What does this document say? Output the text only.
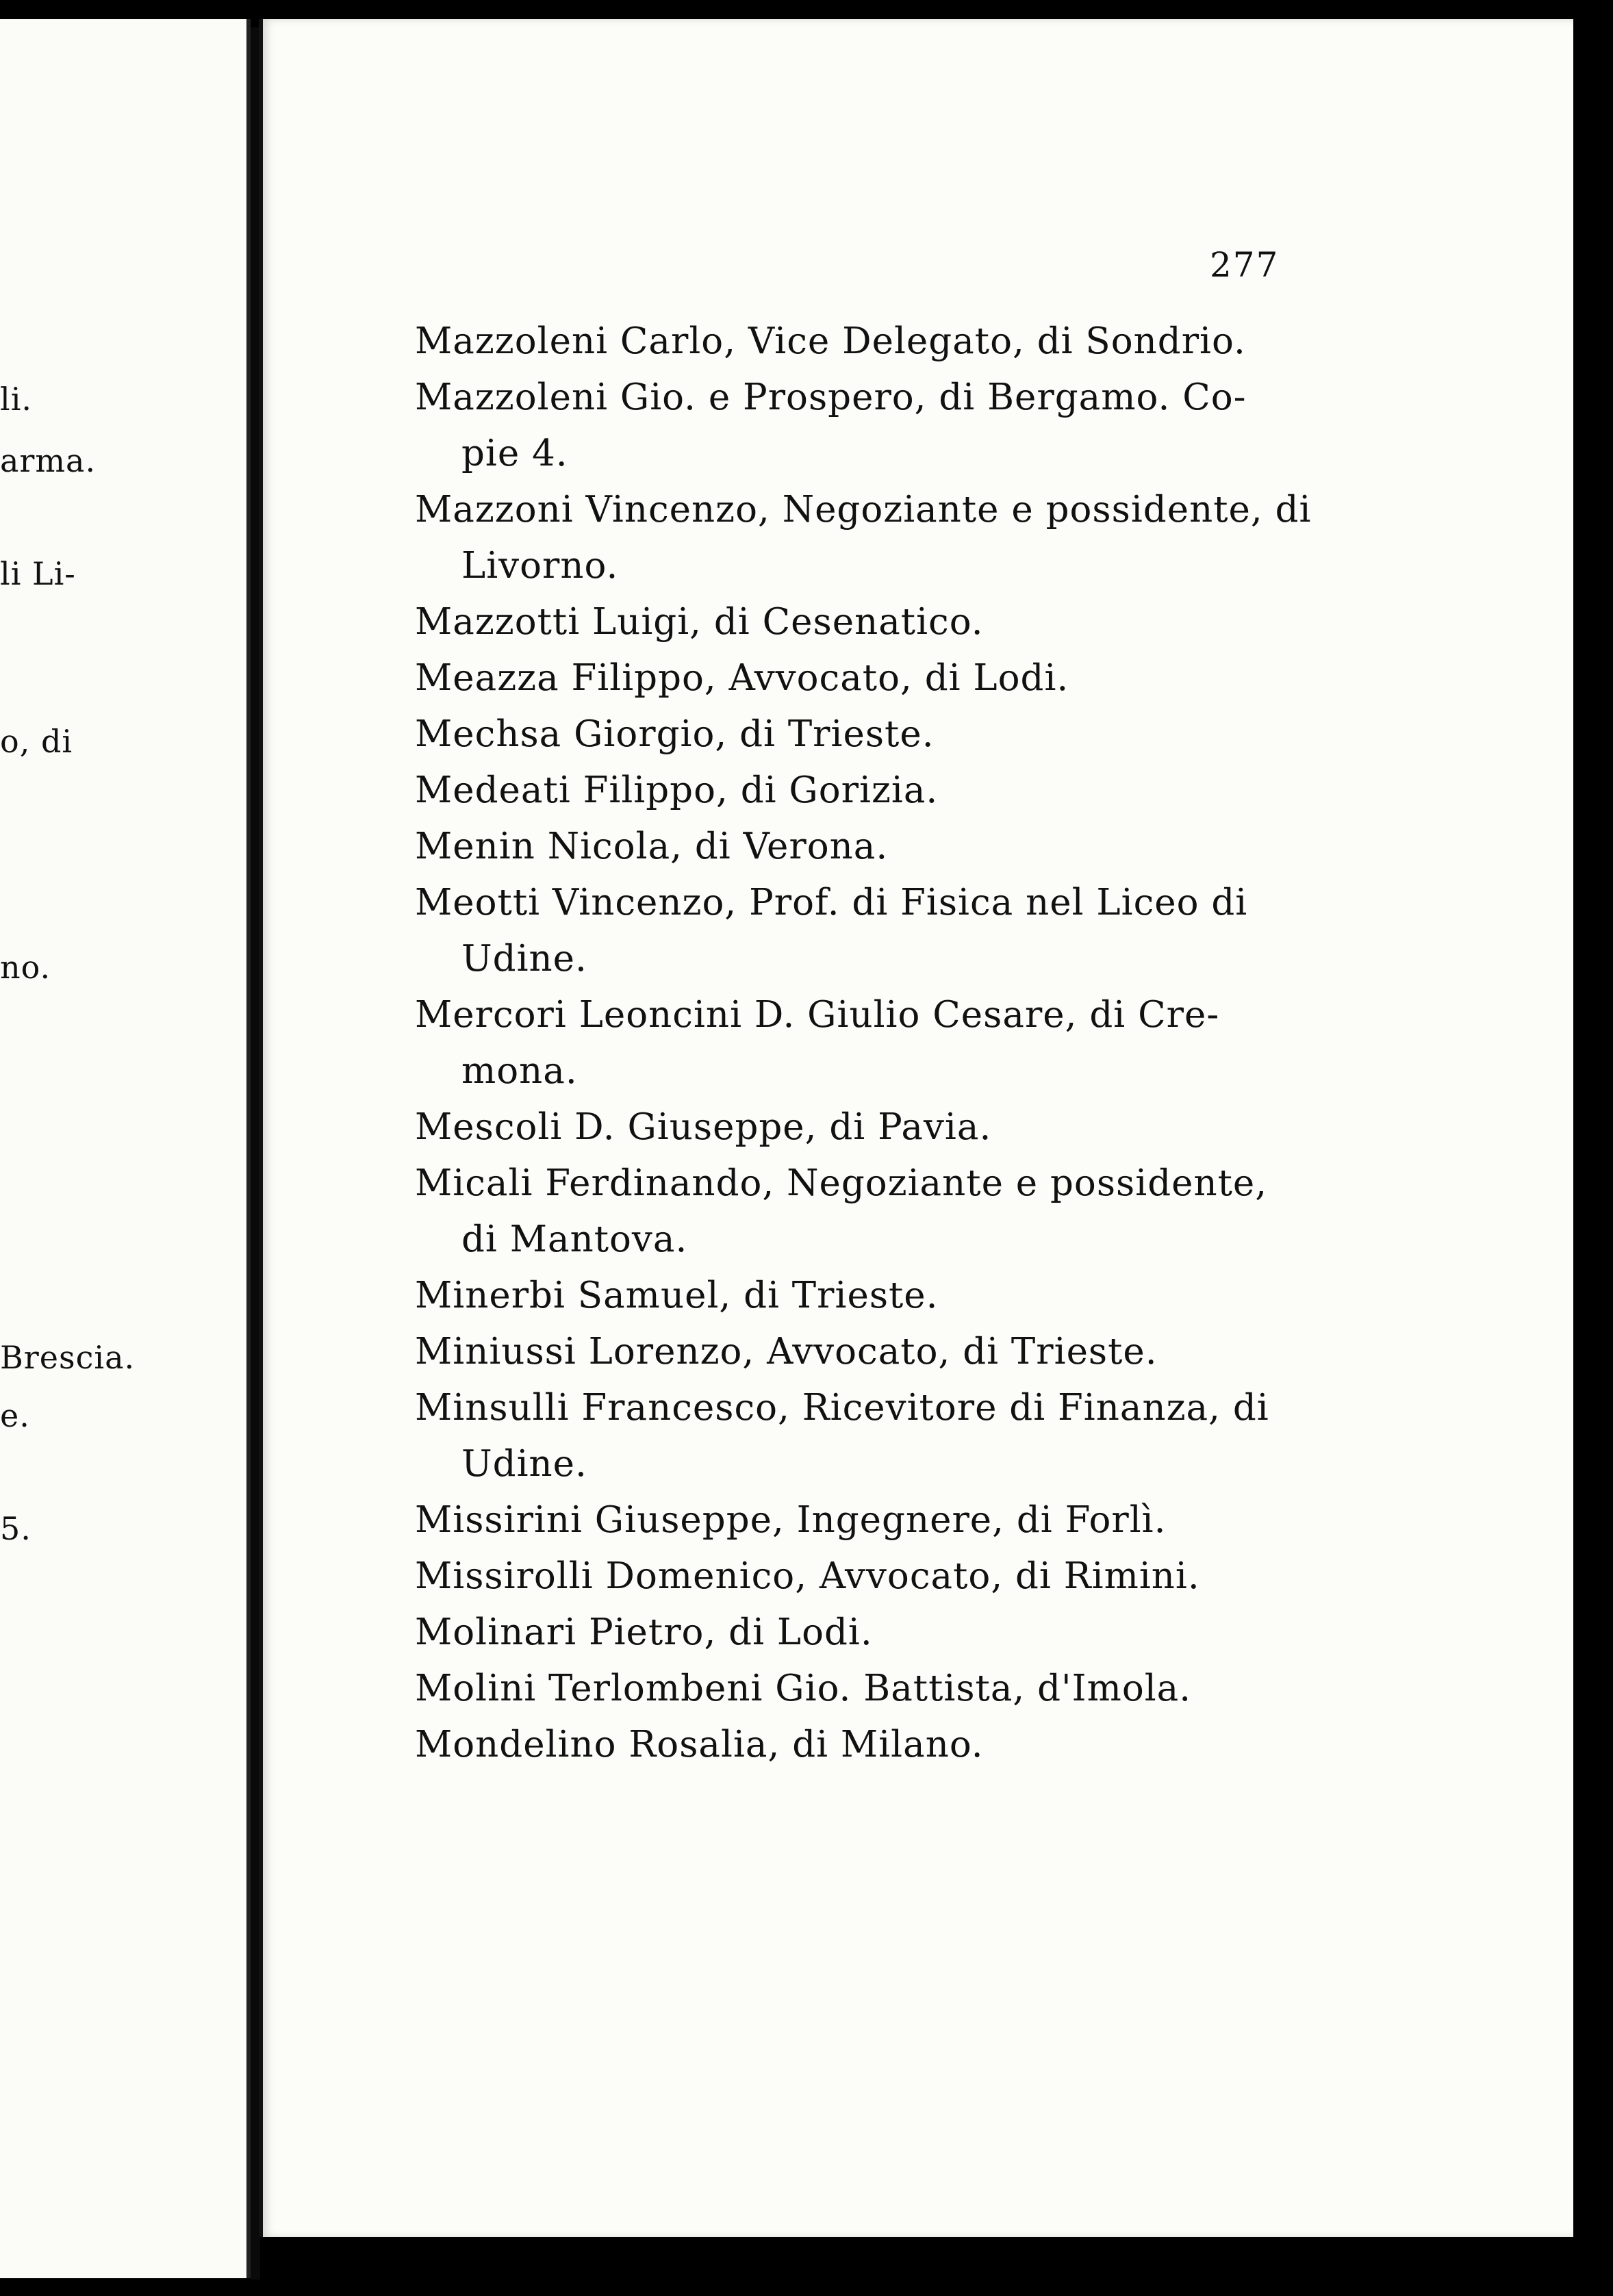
li.
arma.
li Li-
o, di
no.
Brescia.
e.
5.
277
Mazzoleni Carlo, Vice Delegato, di Sondrio.
Mazzoleni Gio. e Prospero, di Bergamo. Co-
pie 4.
Mazzoni Vincenzo, Negoziante e possidente, di
Livorno.
Mazzotti Luigi, di Cesenatico.
Meazza Filippo, Avvocato, di Lodi.
Mechsa Giorgio, di Trieste.
Medeati Filippo, di Gorizia.
Menin Nicola, di Verona.
Meotti Vincenzo, Prof. di Fisica nel Liceo di
Udine.
Mercori Leoncini D. Giulio Cesare, di Cre-
mona.
Mescoli D. Giuseppe, di Pavia.
Micali Ferdinando, Negoziante e possidente,
di Mantova.
Minerbi Samuel, di Trieste.
Miniussi Lorenzo, Avvocato, di Trieste.
Minsulli Francesco, Ricevitore di Finanza, di
Udine.
Missirini Giuseppe, Ingegnere, di Forlì.
Missirolli Domenico, Avvocato, di Rimini.
Molinari Pietro, di Lodi.
Molini Terlombeni Gio. Battista, d'Imola.
Mondelino Rosalia, di Milano.
